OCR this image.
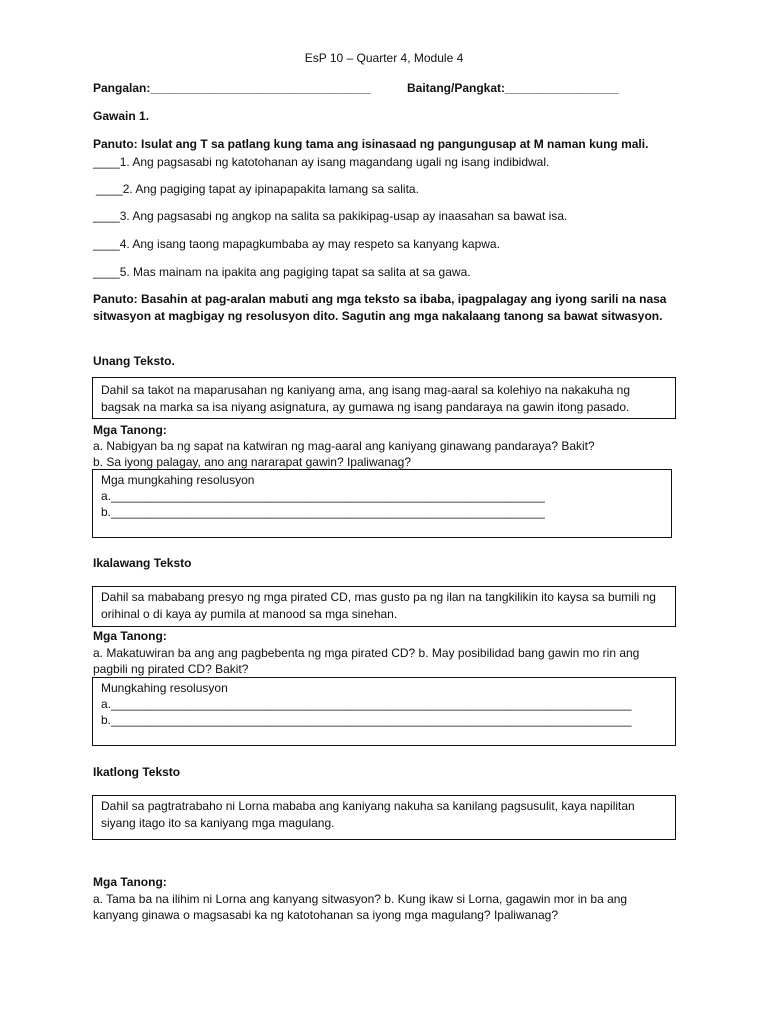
EsP 10 – Quarter 4, Module 4
Pangalan:_________________________________	Baitang/Pangkat:_________________
Gawain 1.
Panuto: Isulat ang T sa patlang kung tama ang isinasaad ng pangungusap at M naman kung mali.
____1. Ang pagsasabi ng katotohanan ay isang magandang ugali ng isang indibidwal.
____2. Ang pagiging tapat ay ipinapapakita lamang sa salita.
____3. Ang pagsasabi ng angkop na salita sa pakikipag-usap ay inaasahan sa bawat isa.
____4. Ang isang taong mapagkumbaba ay may respeto sa kanyang kapwa.
____5. Mas mainam na ipakita ang pagiging tapat sa salita at sa gawa.
Panuto: Basahin at pag-aralan mabuti ang mga teksto sa ibaba, ipagpalagay ang iyong sarili na nasa sitwasyon at magbigay ng resolusyon dito. Sagutin ang mga nakalaang tanong sa bawat sitwasyon.
Unang Teksto.
Dahil sa takot na maparusahan ng kaniyang ama, ang isang mag-aaral sa kolehiyo na nakakuha ng bagsak na marka sa isa niyang asignatura, ay gumawa ng isang pandaraya na gawin itong pasado.
Mga Tanong:
a. Nabigyan ba ng sapat na katwiran ng mag-aaral ang kaniyang ginawang pandaraya? Bakit?
b. Sa iyong palagay, ano ang nararapat gawin? Ipaliwanag?
Mga mungkahing resolusyon
a._________________________________________________________________
b._________________________________________________________________
Ikalawang Teksto
Dahil sa mababang presyo ng mga pirated CD, mas gusto pa ng ilan na tangkilikin ito kaysa sa bumili ng orihinal o di kaya ay pumila at manood sa mga sinehan.
Mga Tanong:
a. Makatuwiran ba ang ang pagbebenta ng mga pirated CD? b. May posibilidad bang gawin mo rin ang pagbili ng pirated CD? Bakit?
Mungkahing resolusyon
a.______________________________________________________________________________
b.______________________________________________________________________________
Ikatlong Teksto
Dahil sa pagtratrabaho ni Lorna mababa ang kaniyang nakuha sa kanilang pagsusulit, kaya napilitan siyang itago ito sa kaniyang mga magulang.
Mga Tanong:
a. Tama ba na ilihim ni Lorna ang kanyang sitwasyon? b. Kung ikaw si Lorna, gagawin mor in ba ang kanyang ginawa o magsasabi ka ng katotohanan sa iyong mga magulang? Ipaliwanag?
